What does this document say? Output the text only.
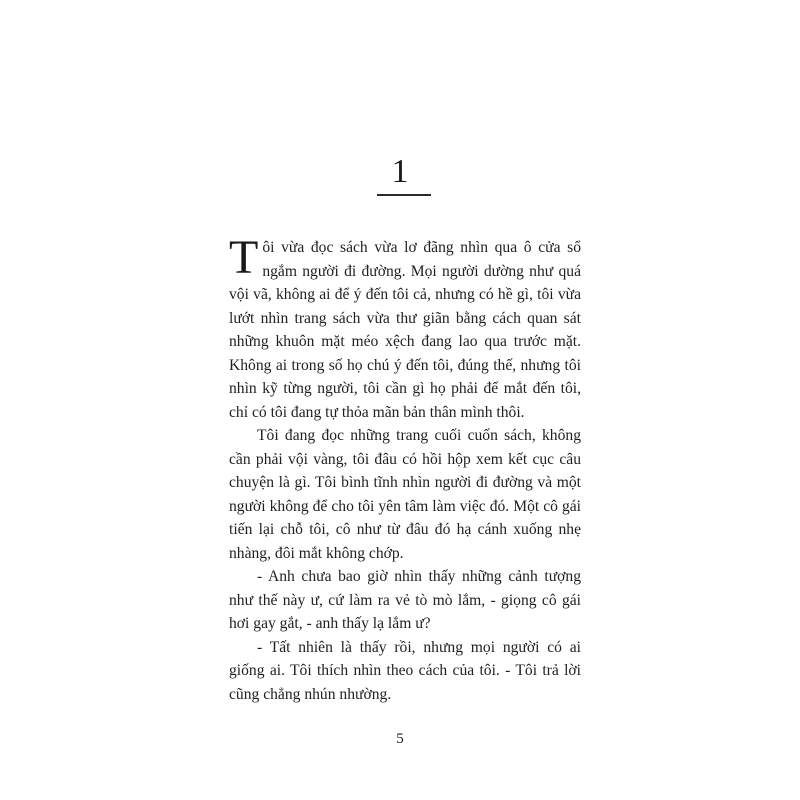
1

Tôi vừa đọc sách vừa lơ đãng nhìn qua ô cửa sổ ngắm người đi đường. Mọi người dường như quá vội vã, không ai để ý đến tôi cả, nhưng có hề gì, tôi vừa lướt nhìn trang sách vừa thư giãn bằng cách quan sát những khuôn mặt méo xệch đang lao qua trước mặt. Không ai trong số họ chú ý đến tôi, đúng thế, nhưng tôi nhìn kỹ từng người, tôi cần gì họ phải để mắt đến tôi, chỉ có tôi đang tự thỏa mãn bản thân mình thôi.

Tôi đang đọc những trang cuối cuốn sách, không cần phải vội vàng, tôi đâu có hồi hộp xem kết cục câu chuyện là gì. Tôi bình tĩnh nhìn người đi đường và một người không để cho tôi yên tâm làm việc đó. Một cô gái tiến lại chỗ tôi, cô như từ đâu đó hạ cánh xuống nhẹ nhàng, đôi mắt không chớp.

- Anh chưa bao giờ nhìn thấy những cảnh tượng như thế này ư, cứ làm ra vẻ tò mò lắm, - giọng cô gái hơi gay gắt, - anh thấy lạ lắm ư?

- Tất nhiên là thấy rồi, nhưng mọi người có ai giống ai. Tôi thích nhìn theo cách của tôi. - Tôi trả lời cũng chẳng nhún nhường.

5
